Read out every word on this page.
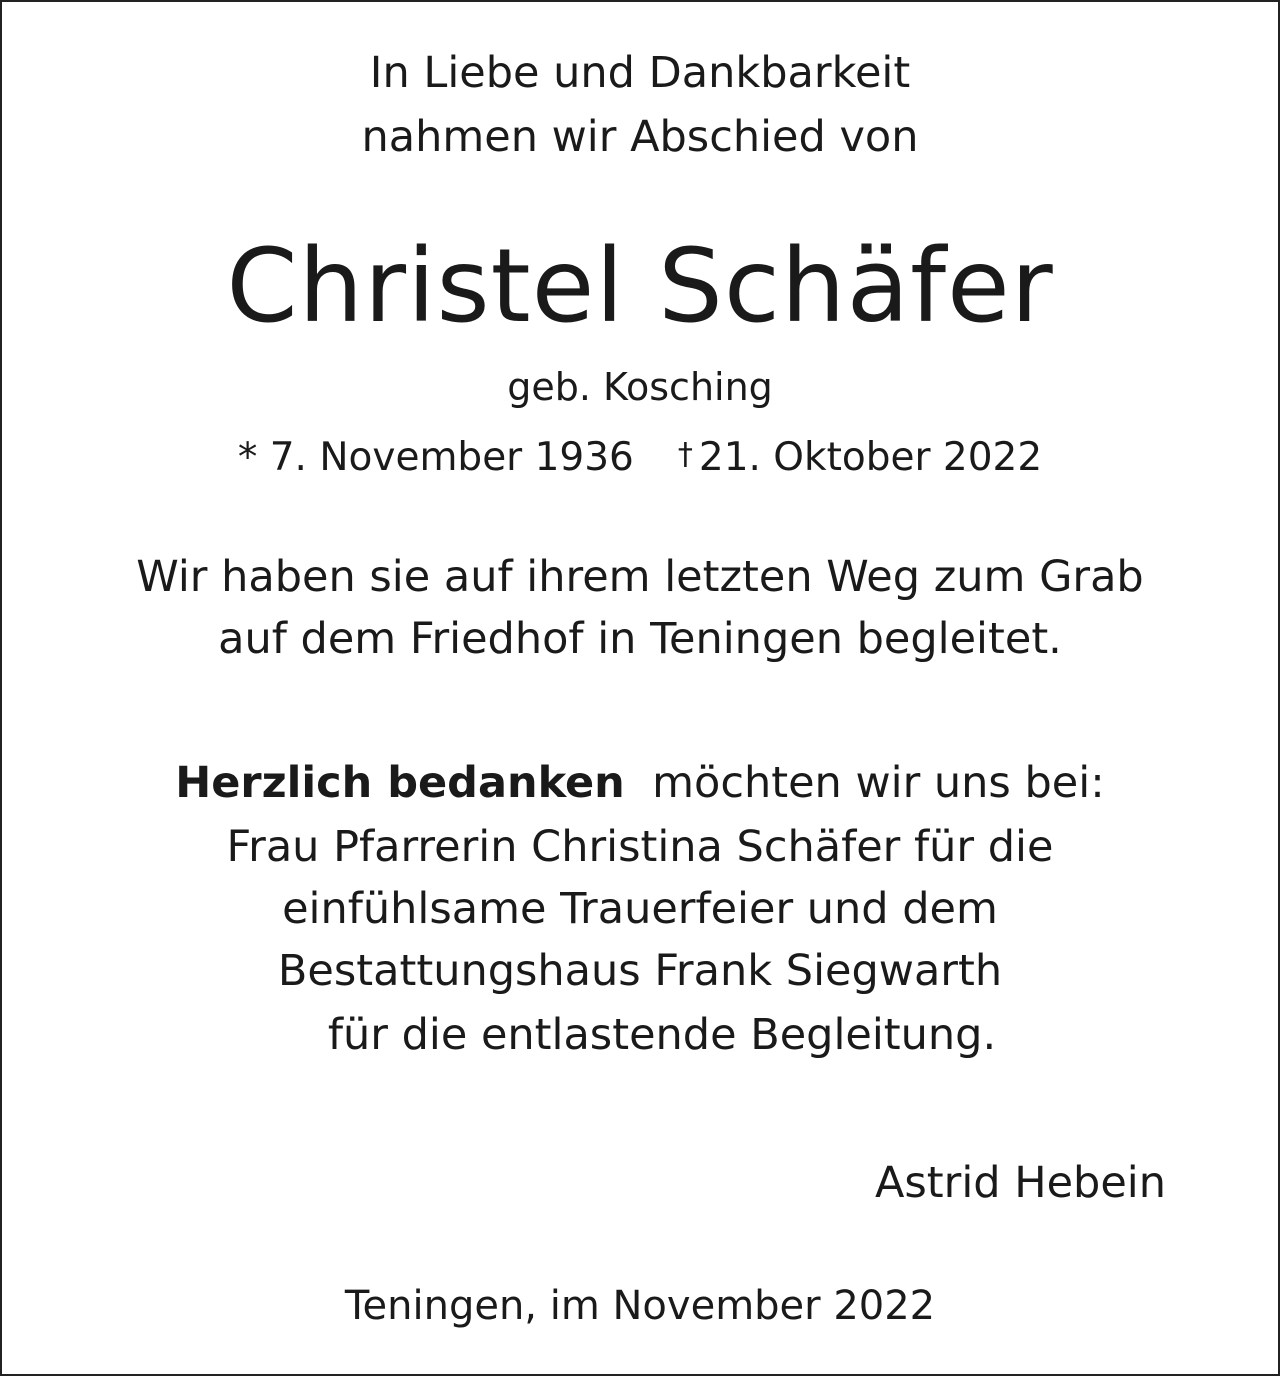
In Liebe und Dankbarkeit
nahmen wir Abschied von
Christel Schäfer
geb. Kosching
* 7. November 1936 † 21. Oktober 2022
Wir haben sie auf ihrem letzten Weg zum Grab
auf dem Friedhof in Teningen begleitet.
Herzlich bedanken möchten wir uns bei:
Frau Pfarrerin Christina Schäfer für die
einfühlsame Trauerfeier und dem
Bestattungshaus Frank Siegwarth
für die entlastende Begleitung.
Astrid Hebein
Teningen, im November 2022
